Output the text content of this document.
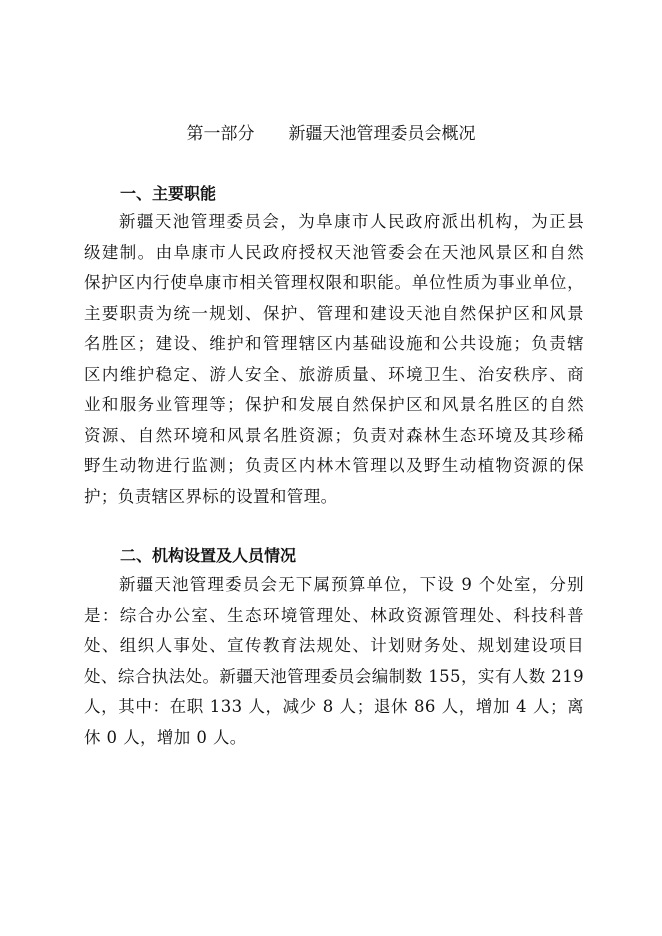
第一部分　　新疆天池管理委员会概况
一、主要职能
新疆天池管理委员会，为阜康市人民政府派出机构，为正县
级建制。由阜康市人民政府授权天池管委会在天池风景区和自然
保护区内行使阜康市相关管理权限和职能。单位性质为事业单位，
主要职责为统一规划、保护、管理和建设天池自然保护区和风景
名胜区；建设、维护和管理辖区内基础设施和公共设施；负责辖
区内维护稳定、游人安全、旅游质量、环境卫生、治安秩序、商
业和服务业管理等；保护和发展自然保护区和风景名胜区的自然
资源、自然环境和风景名胜资源；负责对森林生态环境及其珍稀
野生动物进行监测；负责区内林木管理以及野生动植物资源的保
护；负责辖区界标的设置和管理。
二、机构设置及人员情况
新疆天池管理委员会无下属预算单位，下设 9 个处室，分别
是：综合办公室、生态环境管理处、林政资源管理处、科技科普
处、组织人事处、宣传教育法规处、计划财务处、规划建设项目
处、综合执法处。新疆天池管理委员会编制数 155，实有人数 219
人，其中：在职 133 人，减少 8 人；退休 86 人，增加 4 人；离
休 0 人，增加 0 人。
